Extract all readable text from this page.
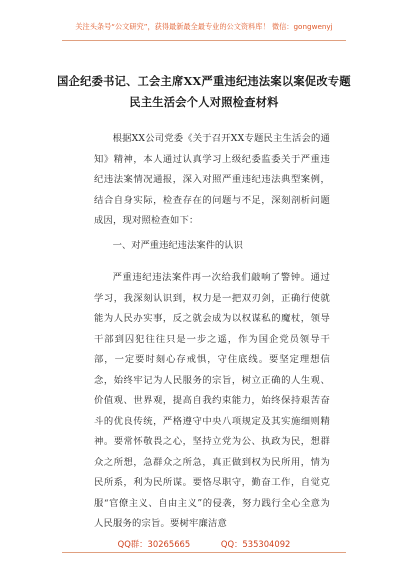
关注头条号“公文研究”，获得最新最全最专业的公文资料库！ 微信：gongwenyj
国企纪委书记、工会主席XX严重违纪违法案以案促改专题
民主生活会个人对照检查材料

根据XX公司党委《关于召开XX专题民主生活会的通知》精神，本人通过认真学习上级纪委监委关于严重违纪违法案情况通报，深入对照严重违纪违法典型案例，结合自身实际，检查存在的问题与不足，深刻剖析问题成因，现对照检查如下：

一、对严重违纪违法案件的认识

严重违纪违法案件再一次给我们敲响了警钟。通过学习，我深刻认识到，权力是一把双刃剑，正确行使就能为人民办实事，反之就会成为以权谋私的魔杖，领导干部到囚犯往往只是一步之遥，作为国企党员领导干部，一定要时刻心存戒惧，守住底线。要坚定理想信念，始终牢记为人民服务的宗旨，树立正确的人生观、价值观、世界观，提高自我约束能力，始终保持艰苦奋斗的优良传统，严格遵守中央八项规定及其实施细则精神。要常怀敬畏之心，坚持立党为公、执政为民，想群众之所想，急群众之所急，真正做到权为民所用，情为民所系，利为民所谋。要恪尽职守，勤奋工作，自觉克服“官僚主义、自由主义”的侵袭，努力践行全心全意为人民服务的宗旨。要树牢廉洁意

QQ群：30265665	QQ：535304092
